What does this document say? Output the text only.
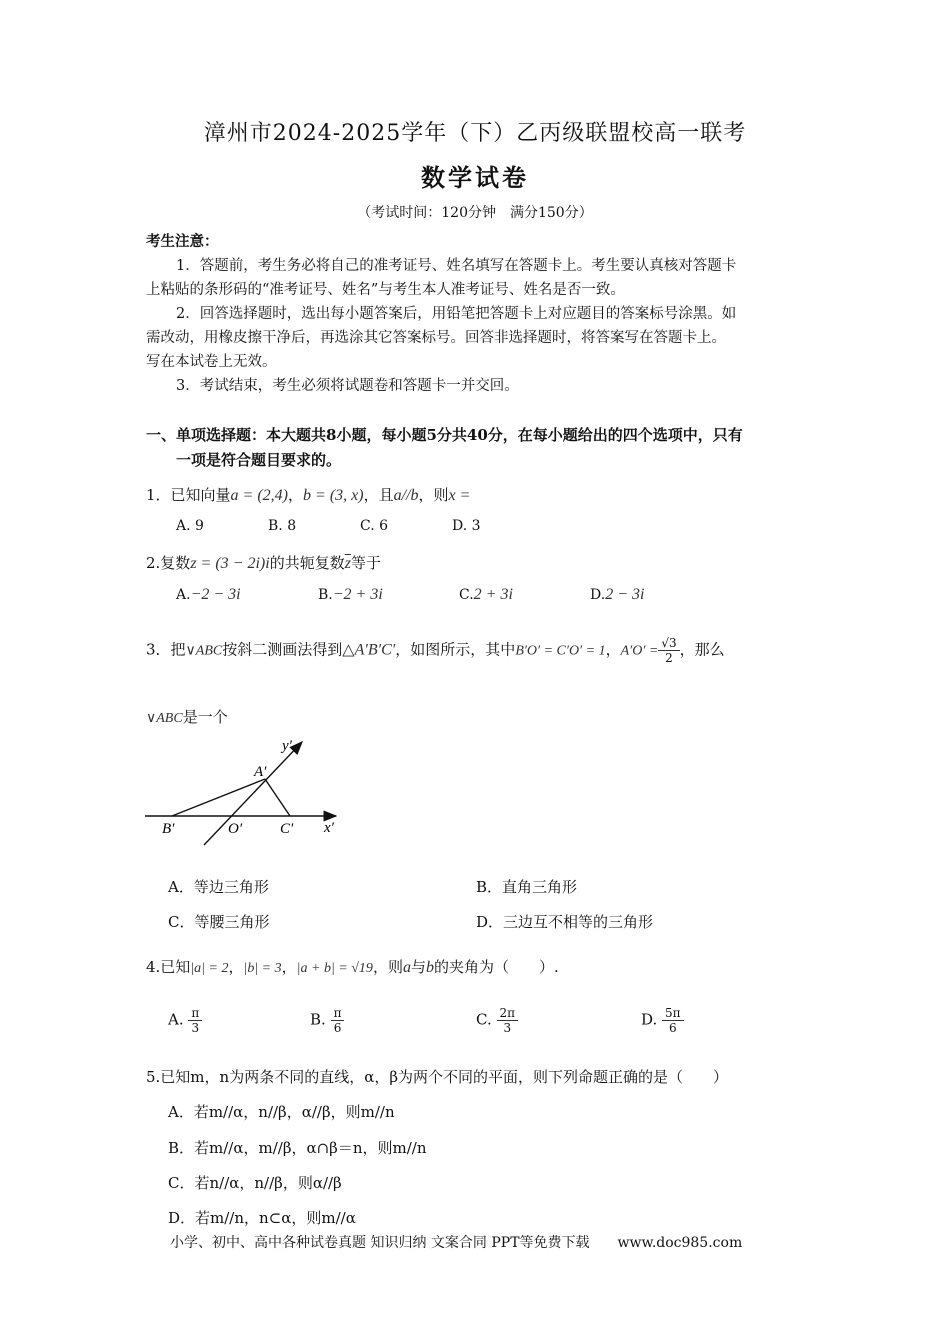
漳州市2024-2025学年（下）乙丙级联盟校高一联考
数学试卷
（考试时间：120分钟　满分150分）
考生注意：
1．答题前，考生务必将自己的准考证号、姓名填写在答题卡上。考生要认真核对答题卡
上粘贴的条形码的“准考证号、姓名”与考生本人准考证号、姓名是否一致。
2．回答选择题时，选出每小题答案后，用铅笔把答题卡上对应题目的答案标号涂黑。如
需改动，用橡皮擦干净后，再选涂其它答案标号。回答非选择题时，将答案写在答题卡上。
写在本试卷上无效。
3．考试结束，考生必须将试题卷和答题卡一并交回。
一、单项选择题：本大题共8小题，每小题5分共40分，在每小题给出的四个选项中，只有
一项是符合题目要求的。
1．已知向量a = (2,4)，b = (3, x)，且a//b，则x =
A. 9	B. 8	C. 6	D. 3
2.复数z = (3 − 2i)i的共轭复数$\overline{z}$等于
A.−2 − 3i	B.−2 + 3i	C.2 + 3i	D.2 − 3i
3．把∨ABC按斜二测画法得到△A′B′C′，如图所示，其中B′O′ = C′O′ = 1，$A'O' = \frac{√3}{2}$ ，那么
∨ABC是一个
y′
A′
B′	O′	C′ x′
A．等边三角形	B．直角三角形
C．等腰三角形	D．三边互不相等的三角形
4.已知|a| = 2，|b| = 3，|a + b| = √19，则a与b的夹角为（　　）.
A. $\frac{\pi}{3}$	B. $\frac{\pi}{6}$	C. $\frac{2\pi}{3}$	D. $\frac{5\pi}{6}$
5.已知m，n为两条不同的直线，α，β为两个不同的平面，则下列命题正确的是（　　）
A．若m//α，n//β，α//β，则m//n
B．若m//α，m//β，α∩β＝n，则m//n
C．若n//α，n//β，则α//β
D．若m//n，n⊂α，则m//α
小学、初中、高中各种试卷真题 知识归纳 文案合同 PPT等免费下载　　www.doc985.com
